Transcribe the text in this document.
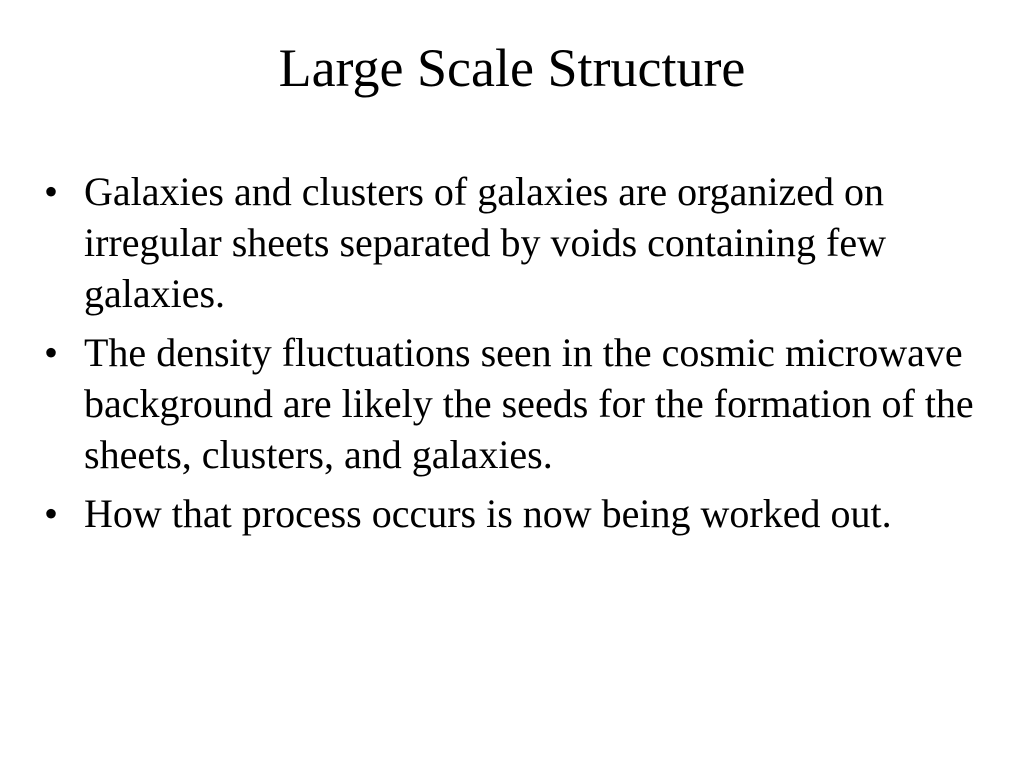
Large Scale Structure
• Galaxies and clusters of galaxies are organized on irregular sheets separated by voids containing few galaxies.
• The density fluctuations seen in the cosmic microwave background are likely the seeds for the formation of the sheets, clusters, and galaxies.
• How that process occurs is now being worked out.
